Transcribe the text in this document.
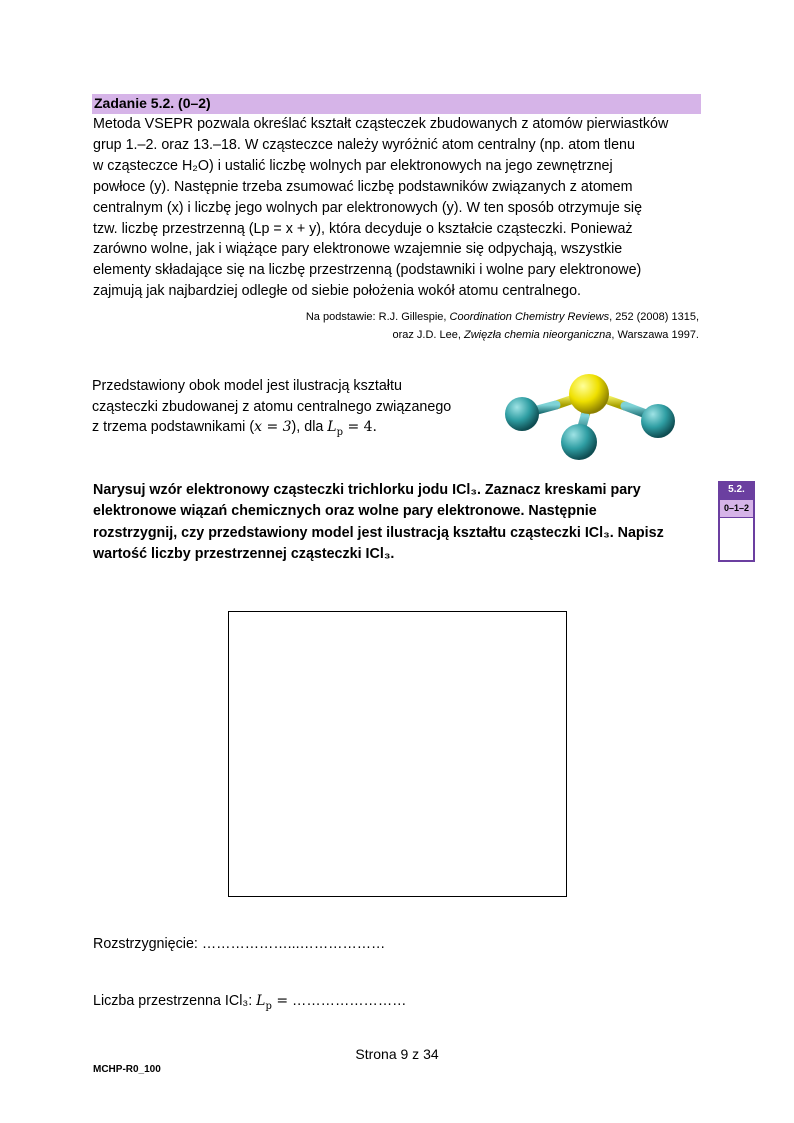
Zadanie 5.2. (0–2)

Metoda VSEPR pozwala określać kształt cząsteczek zbudowanych z atomów pierwiastków

grup 1.–2. oraz 13.–18. W cząsteczce należy wyróżnić atom centralny (np. atom tlenu

w cząsteczce H₂O) i ustalić liczbę wolnych par elektronowych na jego zewnętrznej

powłoce (y). Następnie trzeba zsumować liczbę podstawników związanych z atomem

centralnym (x) i liczbę jego wolnych par elektronowych (y). W ten sposób otrzymuje się

tzw. liczbę przestrzenną (Lp = x + y), która decyduje o kształcie cząsteczki. Ponieważ

zarówno wolne, jak i wiążące pary elektronowe wzajemnie się odpychają, wszystkie

elementy składające się na liczbę przestrzenną (podstawniki i wolne pary elektronowe)

zajmują jak najbardziej odległe od siebie położenia wokół atomu centralnego.

Na podstawie: R.J. Gillespie, Coordination Chemistry Reviews, 252 (2008) 1315,
oraz J.D. Lee, Zwięzła chemia nieorganiczna, Warszawa 1997.
Przedstawiony obok model jest ilustracją kształtu
cząsteczki zbudowanej z atomu centralnego związanego
z trzema podstawnikami (x = 3), dla $L_p = 4$.

Narysuj wzór elektronowy cząsteczki trichlorku jodu ICl₃. Zaznacz kreskami pary

elektronowe wiązań chemicznych oraz wolne pary elektronowe. Następnie

rozstrzygnij, czy przedstawiony model jest ilustracją kształtu cząsteczki ICl₃. Napisz

wartość liczby przestrzennej cząsteczki ICl₃.

5.2.
0–1–2
Rozstrzygnięcie: ………………...………………
Liczba przestrzenna ICl₃: $L_p$ = ……………………
Strona 9 z 34
MCHP-R0_100
